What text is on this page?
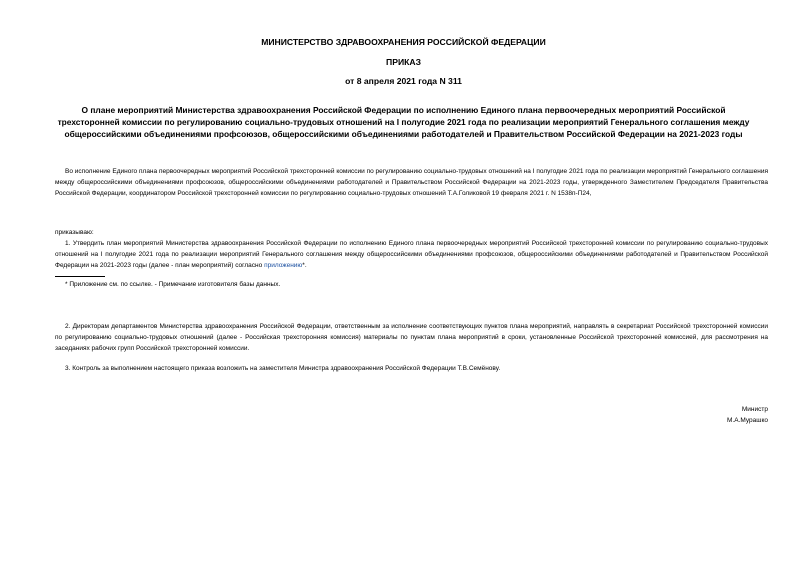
МИНИСТЕРСТВО ЗДРАВООХРАНЕНИЯ РОССИЙСКОЙ ФЕДЕРАЦИИ
ПРИКАЗ
от 8 апреля 2021 года N 311
О плане мероприятий Министерства здравоохранения Российской Федерации по исполнению Единого плана первоочередных мероприятий Российской трехсторонней комиссии по регулированию социально-трудовых отношений на I полугодие 2021 года по реализации мероприятий Генерального соглашения между общероссийскими объединениями профсоюзов, общероссийскими объединениями работодателей и Правительством Российской Федерации на 2021-2023 годы
Во исполнение Единого плана первоочередных мероприятий Российской трехсторонней комиссии по регулированию социально-трудовых отношений на I полугодие 2021 года по реализации мероприятий Генерального соглашения между общероссийскими объединениями профсоюзов, общероссийскими объединениями работодателей и Правительством Российской Федерации на 2021-2023 годы, утвержденного Заместителем Председателя Правительства Российской Федерации, координатором Российской трехсторонней комиссии по регулированию социально-трудовых отношений Т.А.Голиковой 19 февраля 2021 г. N 1538п-П24,
приказываю:
1. Утвердить план мероприятий Министерства здравоохранения Российской Федерации по исполнению Единого плана первоочередных мероприятий Российской трехсторонней комиссии по регулированию социально-трудовых отношений на I полугодие 2021 года по реализации мероприятий Генерального соглашения между общероссийскими объединениями профсоюзов, общероссийскими объединениями работодателей и Правительством Российской Федерации на 2021-2023 годы (далее - план мероприятий) согласно приложению*.
* Приложение см. по ссылке. - Примечание изготовителя базы данных.
2. Директорам департаментов Министерства здравоохранения Российской Федерации, ответственным за исполнение соответствующих пунктов плана мероприятий, направлять в секретариат Российской трехсторонней комиссии по регулированию социально-трудовых отношений (далее - Российская трехсторонняя комиссия) материалы по пунктам плана мероприятий в сроки, установленные Российской трехсторонней комиссией, для рассмотрения на заседаниях рабочих групп Российской трехсторонней комиссии.
3. Контроль за выполнением настоящего приказа возложить на заместителя Министра здравоохранения Российской Федерации Т.В.Семёнову.
Министр
М.А.Мурашко
